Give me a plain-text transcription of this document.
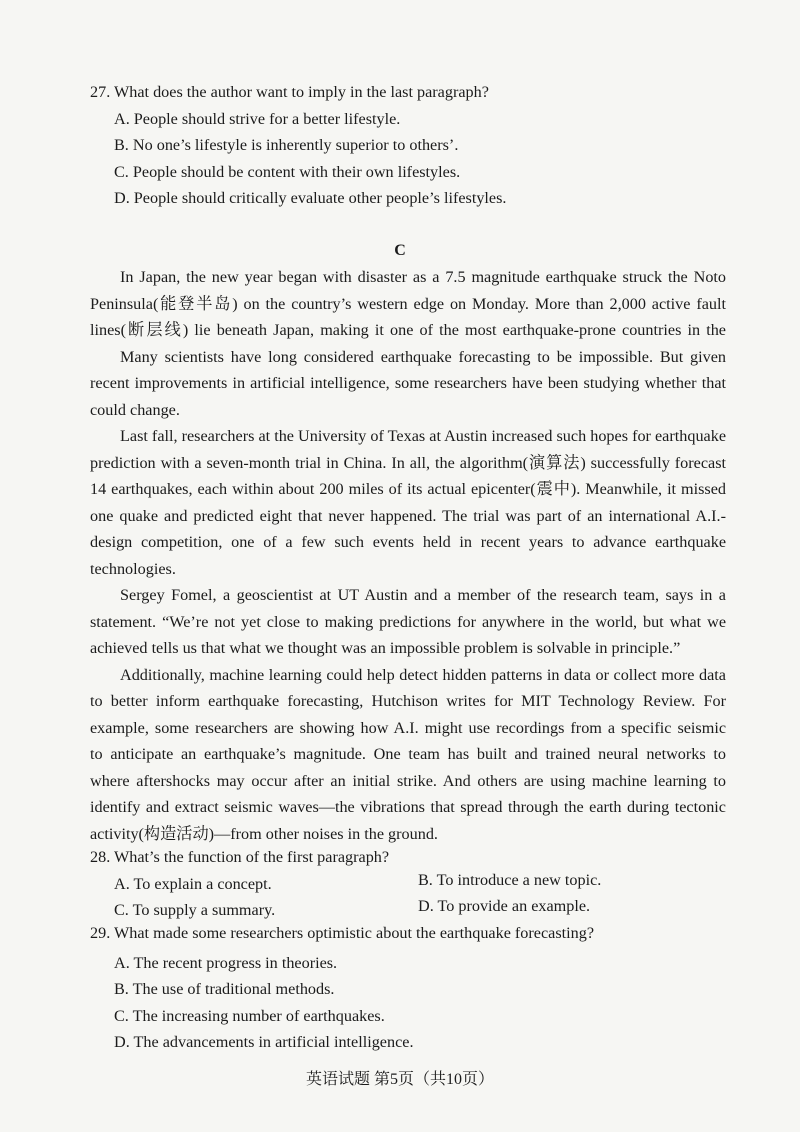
27. What does the author want to imply in the last paragraph?
A. People should strive for a better lifestyle.
B. No one’s lifestyle is inherently superior to others’.
C. People should be content with their own lifestyles.
D. People should critically evaluate other people’s lifestyles.
C
In Japan, the new year began with disaster as a 7.5 magnitude earthquake struck the Noto
Peninsula(能登半岛) on the country’s western edge on Monday. More than 2,000 active fault
lines(断层线) lie beneath Japan, making it one of the most earthquake-prone countries in the
Many scientists have long considered earthquake forecasting to be impossible. But given
recent improvements in artificial intelligence, some researchers have been studying whether that
could change.
Last fall, researchers at the University of Texas at Austin increased such hopes for earthquake
prediction with a seven-month trial in China. In all, the algorithm(演算法) successfully forecast
14 earthquakes, each within about 200 miles of its actual epicenter(震中). Meanwhile, it missed
one quake and predicted eight that never happened. The trial was part of an international A.I.-
design competition, one of a few such events held in recent years to advance earthquake
technologies.
Sergey Fomel, a geoscientist at UT Austin and a member of the research team, says in a
statement. “We’re not yet close to making predictions for anywhere in the world, but what we
achieved tells us that what we thought was an impossible problem is solvable in principle.”
Additionally, machine learning could help detect hidden patterns in data or collect more data
to better inform earthquake forecasting, Hutchison writes for MIT Technology Review. For
example, some researchers are showing how A.I. might use recordings from a specific seismic
to anticipate an earthquake’s magnitude. One team has built and trained neural networks to
where aftershocks may occur after an initial strike. And others are using machine learning to
identify and extract seismic waves—the vibrations that spread through the earth during tectonic
activity(构造活动)—from other noises in the ground.
28. What’s the function of the first paragraph?
A. To explain a concept.	B. To introduce a new topic.
C. To supply a summary.	D. To provide an example.
29. What made some researchers optimistic about the earthquake forecasting?
A. The recent progress in theories.
B. The use of traditional methods.
C. The increasing number of earthquakes.
D. The advancements in artificial intelligence.
英语试题 第5页（共10页）
